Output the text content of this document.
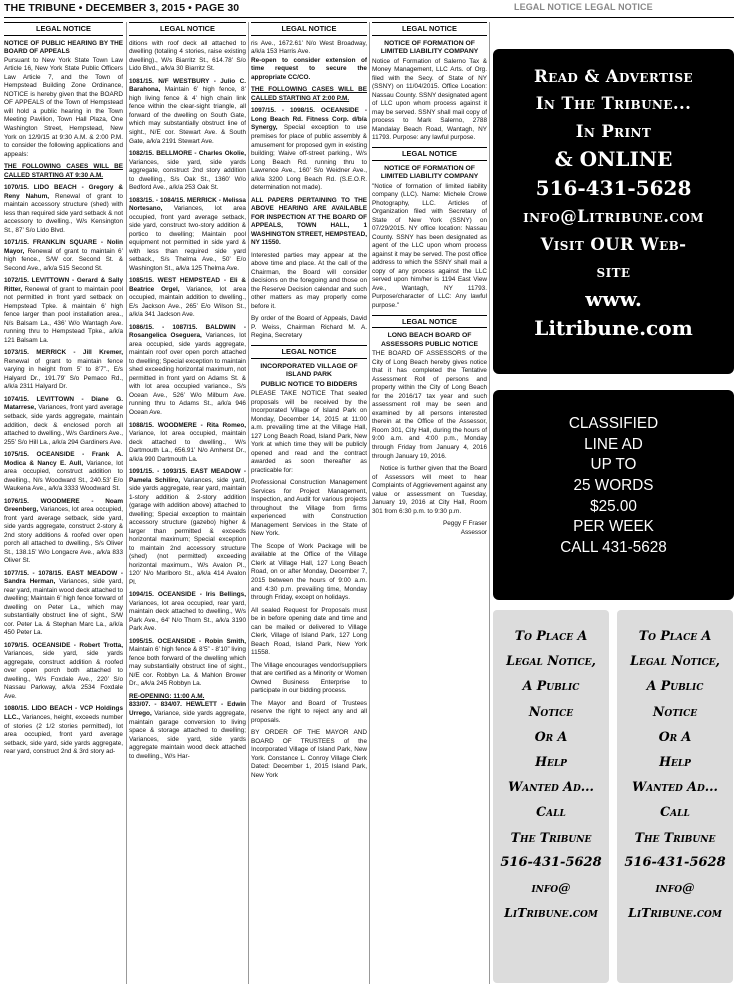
THE TRIBUNE • DECEMBER 3, 2015 • PAGE 30	LEGAL NOTICE LEGAL NOTICE
LEGAL NOTICE
NOTICE OF PUBLIC HEARING BY THE BOARD OF APPEALS

Pursuant to New York State Town Law Article 16, New York State Public Officers Law Article 7, and the Town of Hempstead Building Zone Ordinance, NOTICE is hereby given that the BOARD OF APPEALS of the Town of Hempstead will hold a public hearing in the Town Meeting Pavilion, Town Hall Plaza, One Washington Street, Hempstead, New York on 12/9/15 at 9:30 A.M. & 2:00 P.M. to consider the following applications and appeals:

THE FOLLOWING CASES WILL BE CALLED STARTING AT 9:30 A.M.

1070/15. LIDO BEACH - Gregory & Reny Nahum, Renewal of grant to maintain accessory structure (shed) with less than required side yard setback & not accessory to dwelling., W/s Kensington St., 87’ S/o Lido Blvd.

1071/15. FRANKLIN SQUARE - Nolin Mayor, Renewal of grant to maintain 6’ high fence., S/W cor. Second St. & Second Ave., a/k/a 515 Second St.

1072/15. LEVITTOWN - Gerard & Sally Ritter, Renewal of grant to maintain pool not permitted in front yard setback on Hempstead Tpke. & maintain 6’ high fence larger than pool installation area., N/s Balsam La., 436’ W/o Wantagh Ave. running thru to Hempstead Tpke., a/k/a 121 Balsam La.

1073/15. MERRICK - Jill Kremer, Renewal of grant to maintain fence varying in height from 5’ to 8’7”., E/s Halyard Dr., 191.79’ S/o Pemaco Rd., a/k/a 2311 Halyard Dr.

1074/15. LEVITTOWN - Diane G. Matarrese, Variances, front yard average setback, side yards aggregate, maintain addition, deck & enclosed porch all attached to dwelling., W/s Gardiners Ave., 255’ S/o Hill La., a/k/a 294 Gardiners Ave.

1075/15. OCEANSIDE - Frank A. Modica & Nancy E. Aull, Variance, lot area occupied, construct addition to dwelling., N/s Woodward St., 240.53’ E/o Waukena Ave., a/k/a 3333 Woodward St.

1076/15. WOODMERE - Noam Greenberg, Variances, lot area occupied, front yard average setback, side yard, side yards aggregate, construct 2-story & 2nd story additions & roofed over open porch all attached to dwelling., S/s Oliver St., 138.15’ W/o Longacre Ave., a/k/a 833 Oliver St.

1077/15. - 1078/15. EAST MEADOW - Sandra Herman, Variances, side yard, rear yard, maintain wood deck attached to dwelling; Maintain 6’ high fence forward of dwelling on Peter La., which may substantially obstruct line of sight., S/W cor. Peter La. & Stephan Marc La., a/k/a 450 Peter La.

1079/15. OCEANSIDE - Robert Trotta, Variances, side yard, side yards aggregate, construct addition & roofed over open porch both attached to dwelling., W/s Foxdale Ave., 220’ S/o Nassau Parkway, a/k/a 2534 Foxdale Ave.

1080/15. LIDO BEACH - VCP Holdings LLC., Variances, height, exceeds number of stories (2 1/2 stories permitted), lot area occupied, front yard average setback, side yard, side yards aggregate, rear yard, construct 2nd & 3rd story ad-

LEGAL NOTICE

ditions with roof deck all attached to dwelling (totaling 4 stories, raise existing dwelling)., W/s Biarritz St., 614.78’ S/o Lido Blvd., a/k/a 30 Biarritz St.

1081/15. N/F WESTBURY - Julio C. Barahona, Maintain 6’ high fence, 8’ high living fence & 4’ high chain link fence within the clear-sight triangle, all forward of the dwelling on South Gate, which may substantially obstruct line of sight., N/E cor. Stewart Ave. & South Gate, a/k/a 2191 Stewart Ave.

1082/15. BELLMORE - Charles Okolie, Variances, side yard, side yards aggregate, construct 2nd story addition to dwelling., S/s Oak St., 1360’ W/o Bedford Ave., a/k/a 253 Oak St.

1083/15. - 1084/15. MERRICK - Melissa Nortesano, Variances, lot area occupied, front yard average setback, side yard, construct two-story addition & portico to dwelling; Maintain pool equipment not permitted in side yard & with less than required side yard setback., S/s Thelma Ave., 50’ E/o Washington St., a/k/a 125 Thelma Ave.

1085/15. WEST HEMPSTEAD - Eli & Beatrice Orgel, Variance, lot area occupied, maintain addition to dwelling., E/s Jackson Ave., 265’ E/o Wilson St., a/k/a 341 Jackson Ave.

1086/15. - 1087/15. BALDWIN - Rosangelica Oseguera, Variances, lot area occupied, side yards aggregate, maintain roof over open porch attached to dwelling; Special exception to maintain shed exceeding horizontal maximum, not permitted in front yard on Adams St. & with lot area occupied variance., S/s Ocean Ave., 526’ W/o Milburn Ave. running thru to Adams St., a/k/a 946 Ocean Ave.

1088/15. WOODMERE - Rita Romeo, Variance, lot area occupied, maintain deck attached to dwelling., W/s Dartmouth La., 656.91’ N/o Amherst Dr., a/k/a 990 Dartmouth La.

1091/15. - 1093/15. EAST MEADOW - Pamela Schiliro, Variances, side yard, side yards aggregate, rear yard, maintain 1-story addition & 2-story addition (garage with addition above) attached to dwelling; Special exception to maintain accessory structure (gazebo) higher & larger than permitted & exceeds horizontal maximum; Special exception to maintain 2nd accessory structure (shed) (not permitted) exceeding horizontal maximum., W/s Avalon Pl., 120’ N/o Marlboro St., a/k/a 414 Avalon Pl.

1094/15. OCEANSIDE - Iris Bellings, Variances, lot area occupied, rear yard, maintain deck attached to dwelling., W/s Park Ave., 64’ N/o Thorn St., a/k/a 3190 Park Ave.

1095/15. OCEANSIDE - Robin Smith, Maintain 6’ high fence & 8’5” - 8’10” living fence both forward of the dwelling which may substantially obstruct line of sight., N/E cor. Robbyn La. & Mahlon Brower Dr., a/k/a 245 Robbyn La.

RE-OPENING: 11:00 A.M.

833/07. - 834/07. HEWLETT - Edwin Urrego, Variance, side yards aggregate, maintain garage conversion to living space & storage attached to dwelling; Variances, side yard, side yards aggregate maintain wood deck attached to dwelling., W/s Har-

LEGAL NOTICE
ris Ave., 1672.61’ N/o West Broadway, a/k/a 153 Harris Ave.

Re-open to consider extension of time request to secure the appropriate CC/CO.

THE FOLLOWING CASES WILL BE CALLED STARTING AT 2:00 P.M.

1097/15. - 1098/15. OCEANSIDE - Long Beach Rd. Fitness Corp. d/b/a Synergy, Special exception to use premises for place of public assembly & amusement for proposed gym in existing building; Waive off-street parking., W/s Long Beach Rd. running thru to Lawrence Ave., 160’ S/o Weidner Ave., a/k/a 3200 Long Beach Rd. (S.E.O.R. determination not made).

ALL PAPERS PERTAINING TO THE ABOVE HEARING ARE AVAILABLE FOR INSPECTION AT THE BOARD OF APPEALS, TOWN HALL, 1 WASHINGTON STREET, HEMPSTEAD, NY 11550.

Interested parties may appear at the above time and place. At the call of the Chairman, the Board will consider decisions on the foregoing and those on the Reserve Decision calendar and such other matters as may properly come before it.

By order of the Board of Appeals, David P. Weiss, Chairman Richard M. A. Regina, Secretary

LEGAL NOTICE
INCORPORATED VILLAGE OF ISLAND PARK
PUBLIC NOTICE TO BIDDERS

PLEASE TAKE NOTICE That sealed proposals will be received by the Incorporated Village of Island Park on Monday, December 14, 2015 at 11:00 a.m. prevailing time at the Village Hall, 127 Long Beach Road, Island Park, New York at which time they will be publicly opened and read and the contract awarded as soon thereafter as practicable for:

Professional Construction Management Services for Project Management, Inspection, and Audit for various projects throughout the Village from firms experienced with Construction Management Services in the State of New York.

The Scope of Work Package will be available at the Office of the Village Clerk at Village Hall, 127 Long Beach Road, on or after Monday, December 7, 2015 between the hours of 9:00 a.m. and 4:30 p.m. prevailing time, Monday through Friday, except on holidays.

All sealed Request for Proposals must be in before opening date and time and can be mailed or delivered to Village Clerk, Village of Island Park, 127 Long Beach Road, Island Park, New York 11558.

The Village encourages vendor/suppliers that are certified as a Minority or Women Owned Business Enterprise to participate in our bidding process.

The Mayor and Board of Trustees reserve the right to reject any and all proposals.

BY ORDER OF THE MAYOR AND BOARD OF TRUSTEES of the Incorporated Village of Island Park, New York. Constance L. Conroy Village Clerk Dated: December 1, 2015 Island Park, New York

LEGAL NOTICE
NOTICE OF FORMATION OF LIMITED LIABILITY COMPANY

Notice of Formation of Salerno Tax & Money Management, LLC Arts. of Org. filed with the Secy. of State of NY (SSNY) on 11/04/2015. Office Location: Nassau County. SSNY designated agent of LLC upon whom process against it may be served. SSNY shall mail copy of process to Mark Salerno, 2788 Mandalay Beach Road, Wantagh, NY 11793. Purpose: any lawful purpose.

LEGAL NOTICE
NOTICE OF FORMATION OF LIMITED LIABILITY COMPANY

"Notice of formation of limited liability company (LLC). Name: Michele Crowe Photography, LLC. Articles of Organization filed with Secretary of State of New York (SSNY) on 07/29/2015. NY office location: Nassau County. SSNY has been designated as agent of the LLC upon whom process against it may be served. The post office address to which the SSNY shall mail a copy of any process against the LLC served upon him/her is 1194 East View Ave., Wantagh, NY 11793. Purpose/character of LLC: Any lawful purpose."

LEGAL NOTICE
LONG BEACH BOARD OF ASSESSORS PUBLIC NOTICE

THE BOARD OF ASSESSORS of the City of Long Beach hereby gives notice that it has completed the Tentative Assessment Roll of persons and property within the City of Long Beach for the 2016/17 tax year and such assessment roll may be seen and examined by all persons interested therein at the Office of the Assessor, Room 301, City Hall, during the hours of 9:00 a.m. and 4:00 p.m., Monday through Friday from January 4, 2016 through January 19, 2016.

Notice is further given that the Board of Assessors will meet to hear Complaints of Aggrievement against any value or assessment on Tuesday, January 19, 2016 at City Hall, Room 301 from 6:30 p.m. to 9:30 p.m.

Peggy F Fraser
Assessor
Read & Advertise
In The Tribune...
In Print
& ONLINE
516-431-5628
info@Litribune.com
Visit OUR Web-
site
www.
Litribune.com
CLASSIFIED
LINE AD
UP TO
25 WORDS
$25.00
PER WEEK
CALL 431-5628
To Place A
Legal Notice,
A Public
Notice
Or A
Help
Wanted Ad...
Call
The Tribune
516-431-5628
info@
LiTribune.com
To Place A
Legal Notice,
A Public
Notice
Or A
Help
Wanted Ad...
Call
The Tribune
516-431-5628
info@
LiTribune.com
